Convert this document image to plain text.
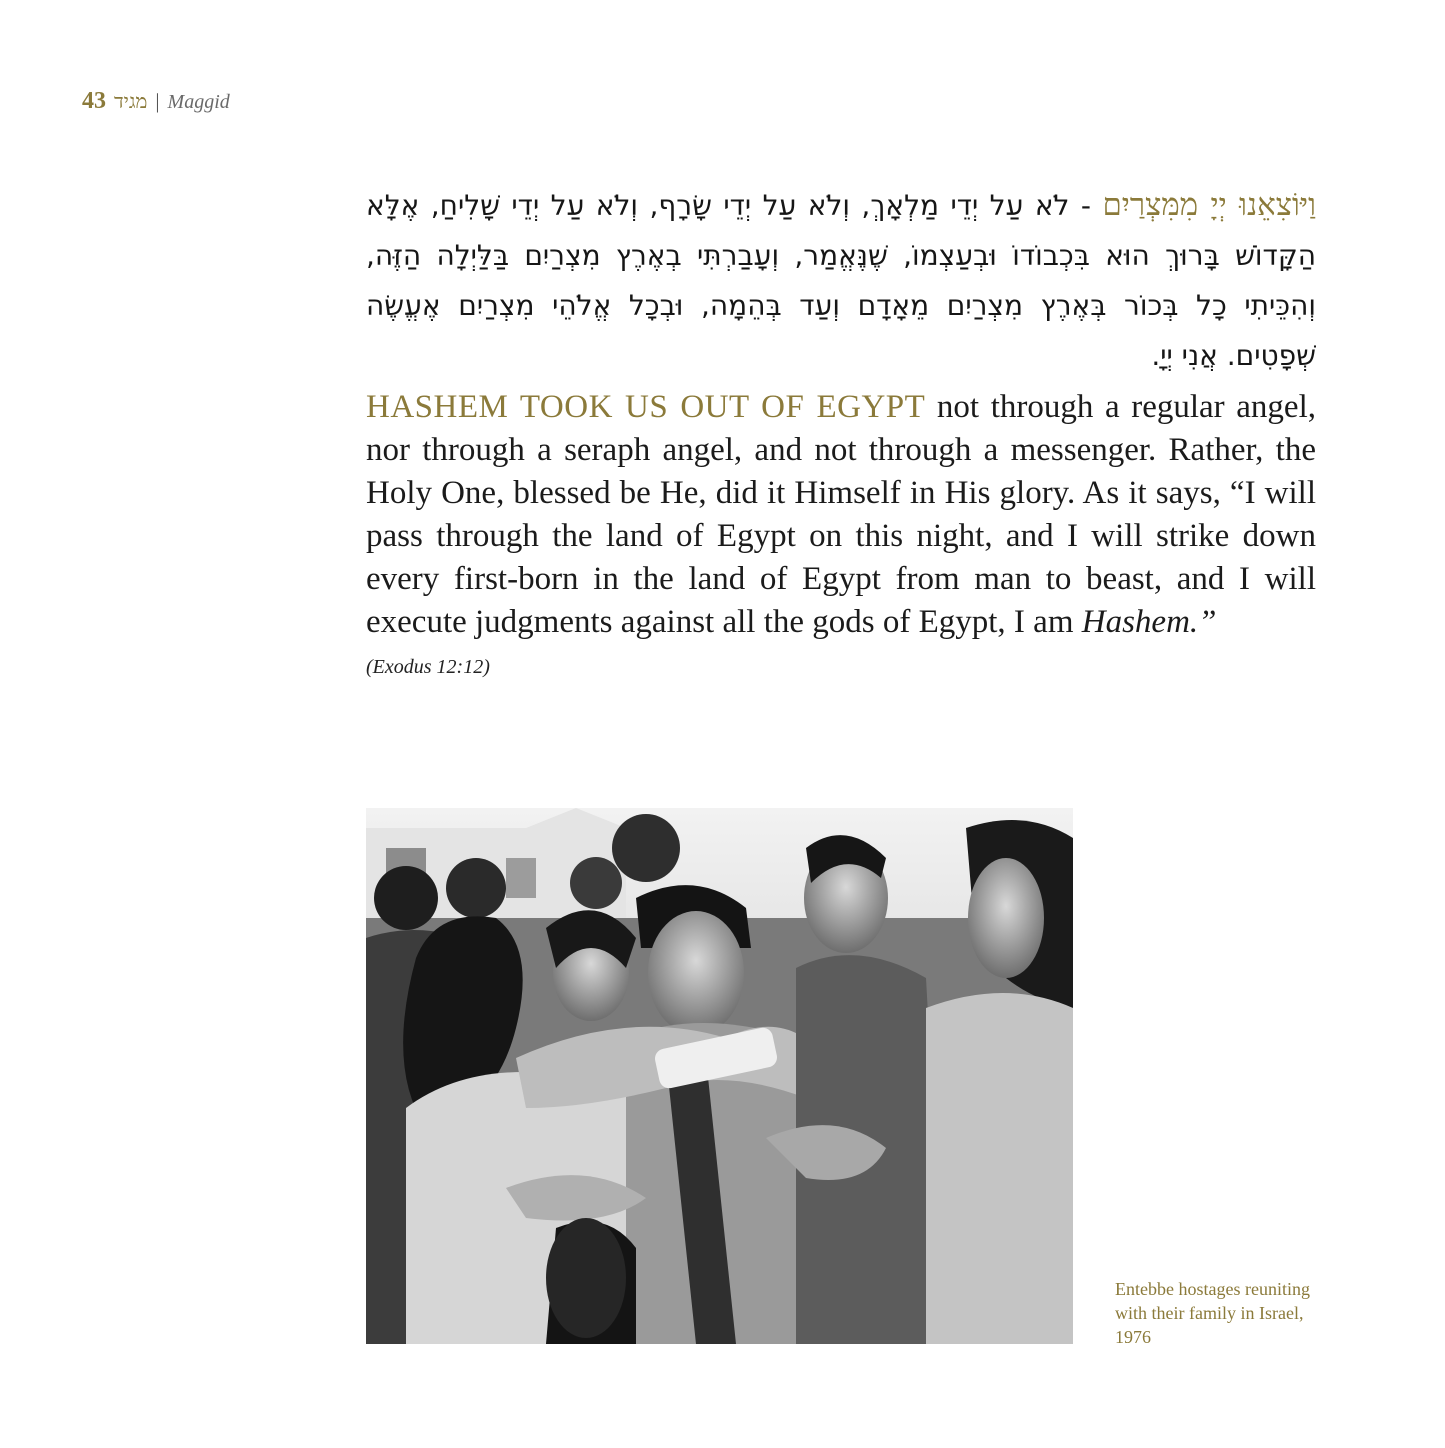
43 מגיד | Maggid
וַיּוֹצִאֵנוּ יְיָ מִמִּצְרַיִם - לֹא עַל יְדֵי מַלְאָךְ, וְלֹא עַל יְדֵי שָׂרָף, וְלֹא עַל יְדֵי שָׁלִיחַ, אֶלָּא הַקָּדוֹשׁ בָּרוּךְ הוּא בִּכְבוֹדוֹ וּבְעַצְמוֹ, שֶׁנֶּאֱמַר, וְעָבַרְתִּי בְאֶרֶץ מִצְרַיִם בַּלַּיְלָה הַזֶּה, וְהִכֵּיתִי כָל בְּכוֹר בְּאֶרֶץ מִצְרַיִם מֵאָדָם וְעַד בְּהֵמָה, וּבְכָל אֱלֹהֵי מִצְרַיִם אֶעֱשֶׂה שְׁפָטִים. אֲנִי יְיָ.
HASHEM TOOK US OUT OF EGYPT not through a regular angel, nor through a seraph angel, and not through a messenger. Rather, the Holy One, blessed be He, did it Himself in His glory. As it says, “I will pass through the land of Egypt on this night, and I will strike down every first-born in the land of Egypt from man to beast, and I will execute judgments against all the gods of Egypt, I am Hashem.”
(Exodus 12:12)
Entebbe hostages reuniting with their family in Israel, 1976
